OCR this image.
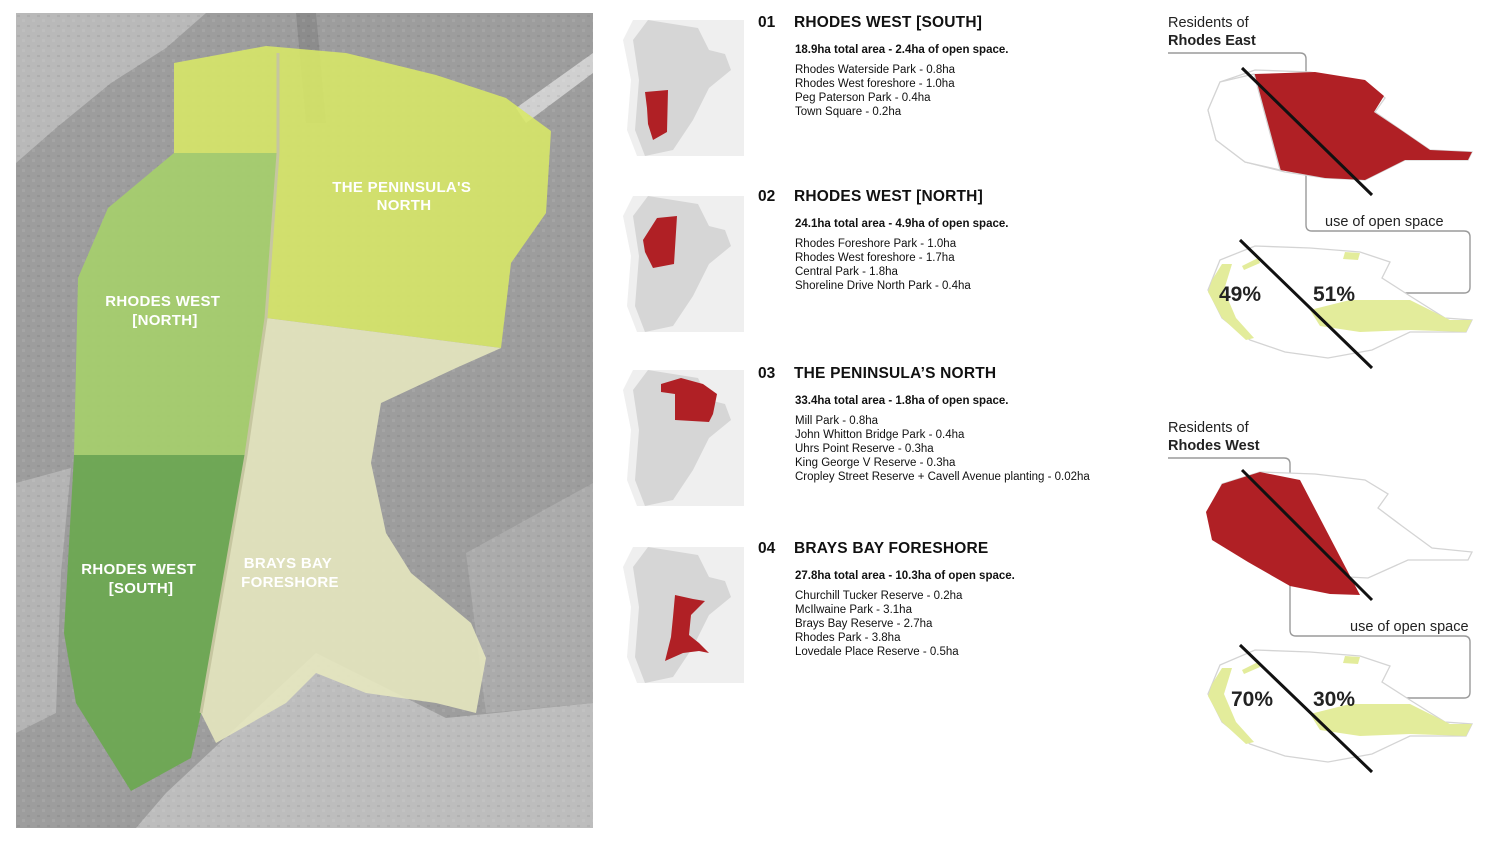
THE PENINSULA'S NORTH
RHODES WEST [NORTH]
RHODES WEST [SOUTH]
BRAYS BAY FORESHORE
01	RHODES WEST [SOUTH]
18.9ha total area - 2.4ha of open space.
Rhodes Waterside Park - 0.8ha
Rhodes West foreshore - 1.0ha
Peg Paterson Park - 0.4ha
Town Square - 0.2ha
02	RHODES WEST [NORTH]
24.1ha total area - 4.9ha of open space.
Rhodes Foreshore Park - 1.0ha
Rhodes West foreshore - 1.7ha
Central Park - 1.8ha
Shoreline Drive North Park - 0.4ha
03	THE PENINSULA’S NORTH
33.4ha total area - 1.8ha of open space.
Mill Park - 0.8ha
John Whitton Bridge Park - 0.4ha
Uhrs Point Reserve - 0.3ha
King George V Reserve - 0.3ha
Cropley Street Reserve + Cavell Avenue planting - 0.02ha
04	BRAYS BAY FORESHORE
27.8ha total area - 10.3ha of open space.
Churchill Tucker Reserve - 0.2ha
McIlwaine Park - 3.1ha
Brays Bay Reserve - 2.7ha
Rhodes Park - 3.8ha
Lovedale Place Reserve - 0.5ha
Residents of
Rhodes East
use of open space
49% 51%
Residents of
Rhodes West
use of open space
70% 30%
